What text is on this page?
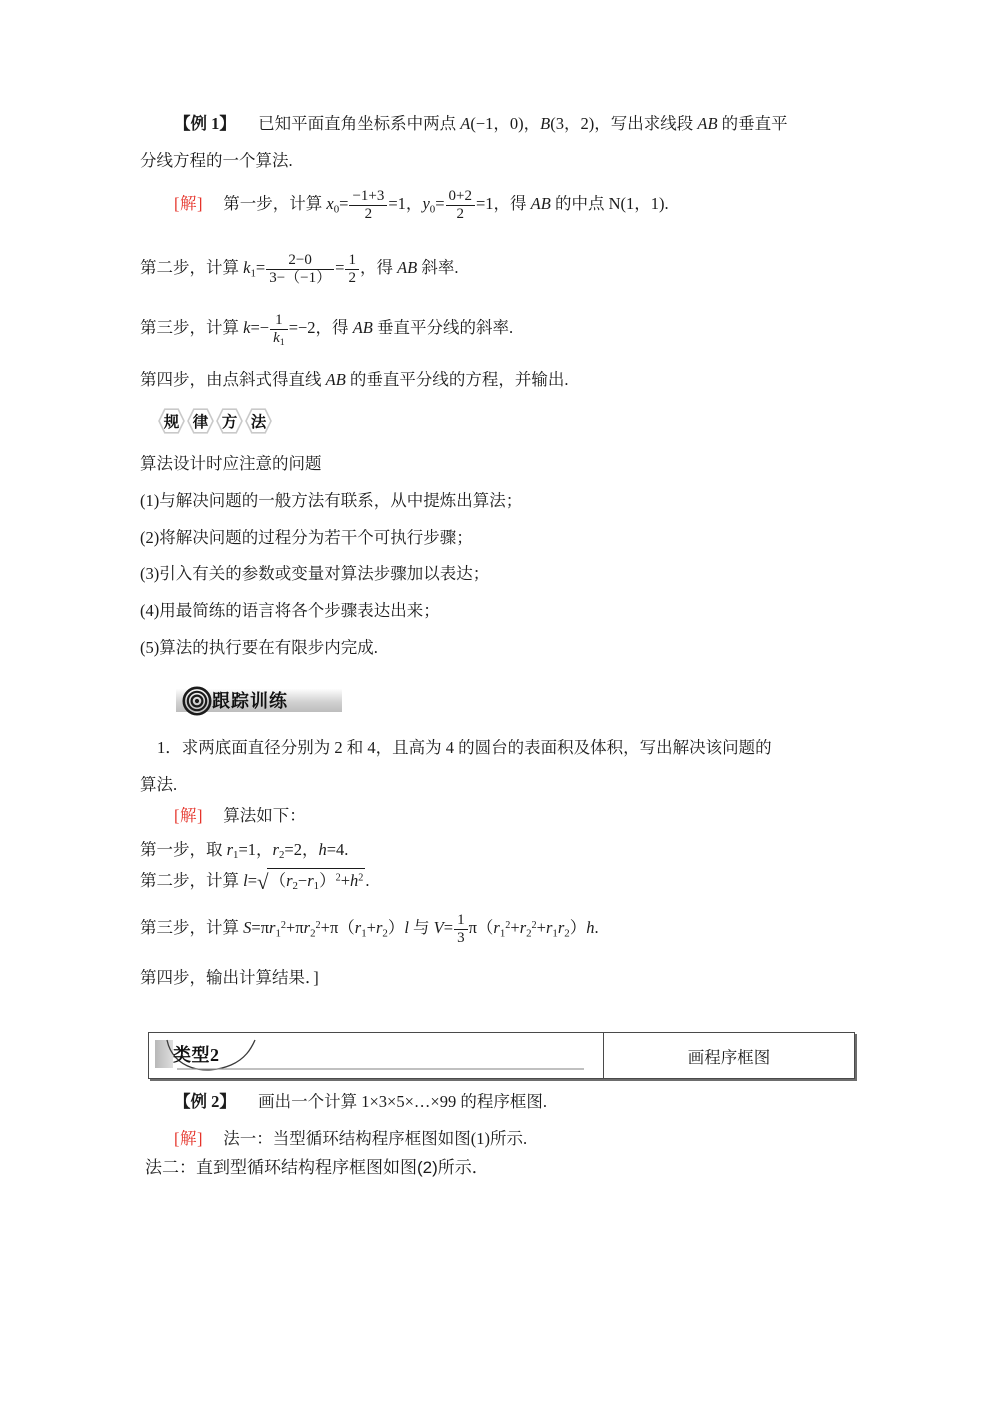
【例 1】 已知平面直角坐标系中两点 A(−1，0)，B(3，2)，写出求线段 AB 的垂直平
分线方程的一个算法.
[解] 第一步，计算 $x_0= \frac{-1+3}{2} =1$，$y_0= \frac{0+2}{2} =1$，得 AB 的中点 N(1，1).
第二步，计算 $k_1= \frac{2-0}{3-(-1)} = \frac{1}{2}$ ，得 AB 斜率.
第三步，计算 $k=- \frac{1}{k_1} =-2$，得 AB 垂直平分线的斜率.
第四步，由点斜式得直线 AB 的垂直平分线的方程，并输出.
规 律 方 法
算法设计时应注意的问题
(1)与解决问题的一般方法有联系，从中提炼出算法；
(2)将解决问题的过程分为若干个可执行步骤；
(3)引入有关的参数或变量对算法步骤加以表达；
(4)用最简练的语言将各个步骤表达出来；
(5)算法的执行要在有限步内完成.
跟踪训练
1．求两底面直径分别为 2 和 4，且高为 4 的圆台的表面积及体积，写出解决该问题的
算法.
[解] 算法如下：
第一步，取 $r_1=1$，$r_2=2$，h=4.
第二步，计算 $l=√(r_2-r_1)^2+h^2$ .
第三步，计算 $S=\pi r_1^2+\pi r_2^2+\pi(r_1+r_2)l$ 与 $V= \frac{1}{3} \pi(r_1^2+r_2^2+r_1r_2)h$.
第四步，输出计算结果．]
类型2	画程序框图
【例 2】 画出一个计算 1×3×5×…×99 的程序框图.
[解] 法一：当型循环结构程序框图如图(1)所示.
法二：直到型循环结构程序框图如图(2)所示．
